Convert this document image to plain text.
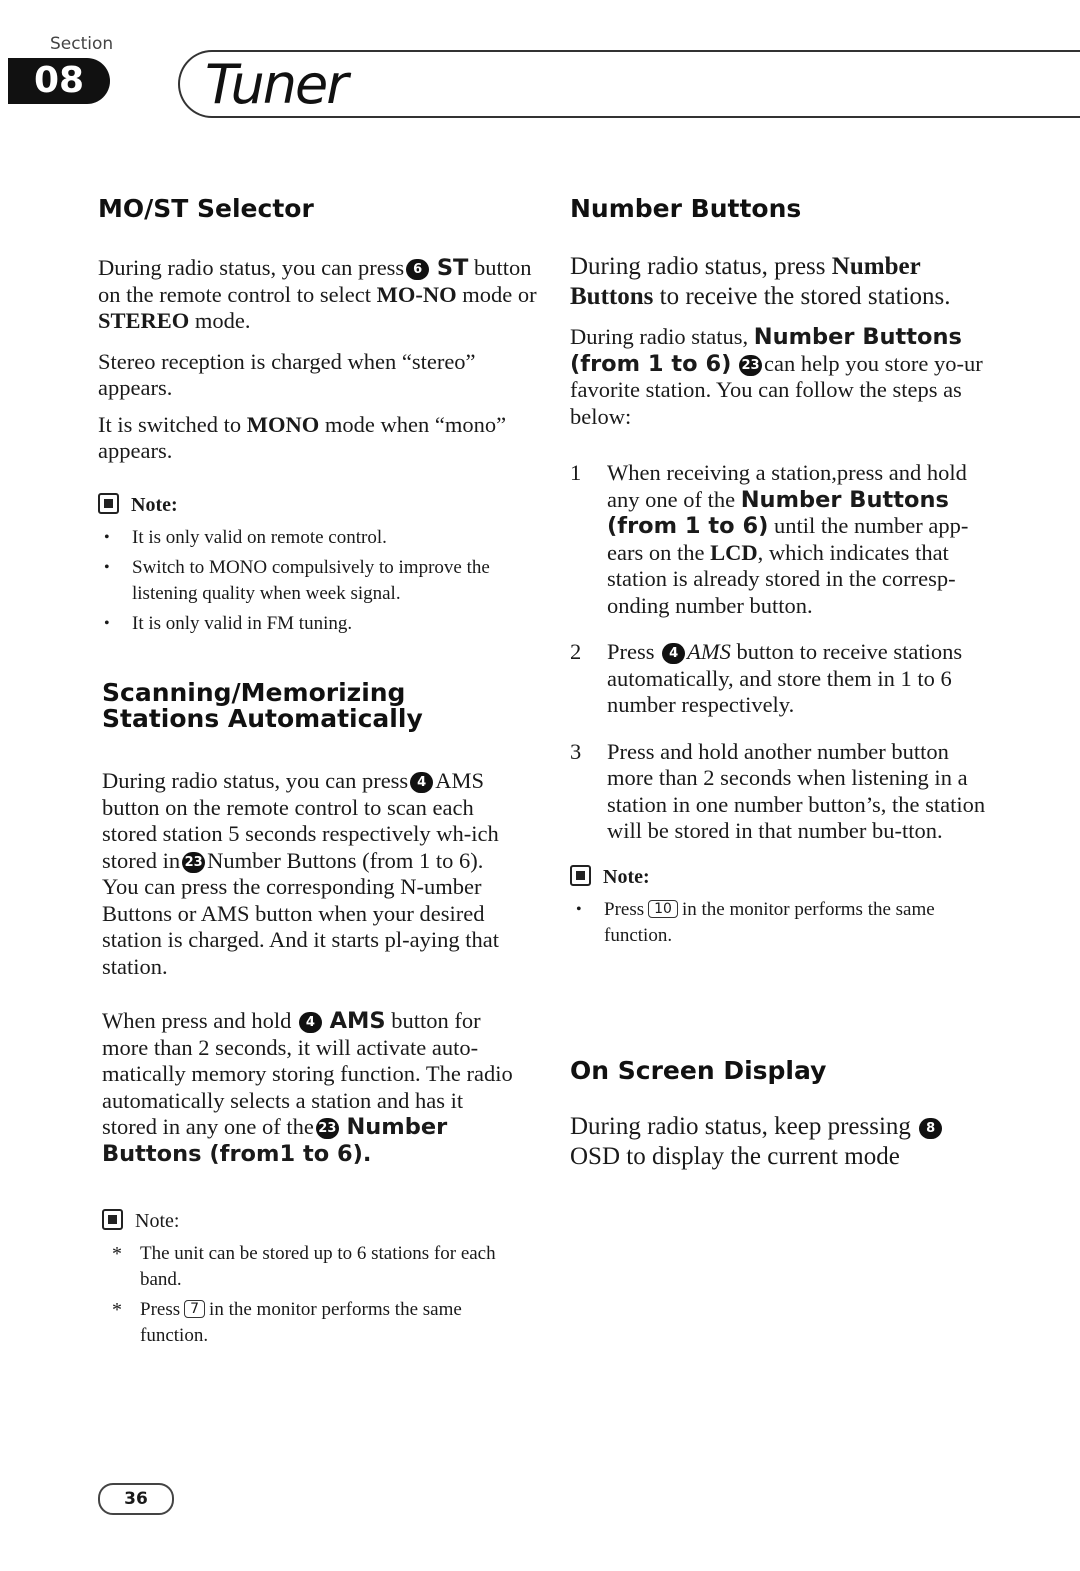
Section
08	Tuner
MO/ST Selector

During radio status, you can press 6 ST button on the remote control to select MO-NO mode or STEREO mode.

Stereo reception is charged when “stereo” appears.

It is switched to MONO mode when “mono” appears.

Note:
• It is only valid on remote control.
• Switch to MONO compulsively to improve the listening quality when week signal.
• It is only valid in FM tuning.
Scanning/Memorizing Stations Automatically

During radio status, you can press 4 AMS button on the remote control to scan each stored station 5 seconds respectively wh-ich stored in 23 Number Buttons (from 1 to 6). You can press the corresponding N-umber Buttons or AMS button when your desired station is charged. And it starts pl-aying that station.

When press and hold 4 AMS button for more than 2 seconds, it will activate auto-matically memory storing function. The radio automatically selects a station and has it stored in any one of the 23 Number Buttons (from1 to 6).

Note:
* The unit can be stored up to 6 stations for each band.
* Press 7 in the monitor performs the same function.
Number Buttons

During radio status, press Number Buttons to receive the stored stations.

During radio status, Number Buttons (from 1 to 6) 23 can help you store yo-ur favorite station. You can follow the steps as below:

1 When receiving a station,press and hold any one of the Number Buttons (from 1 to 6) until the number app-ears on the LCD, which indicates that station is already stored in the corresp-onding number button.
2 Press 4 AMS button to receive stations automatically, and store them in 1 to 6 number respectively.
3 Press and hold another number button more than 2 seconds when listening in a station in one number button’s, the station will be stored in that number bu-tton.
Note:
• Press 10 in the monitor performs the same function.
On Screen Display

During radio status, keep pressing 8 OSD to display the current mode

36
